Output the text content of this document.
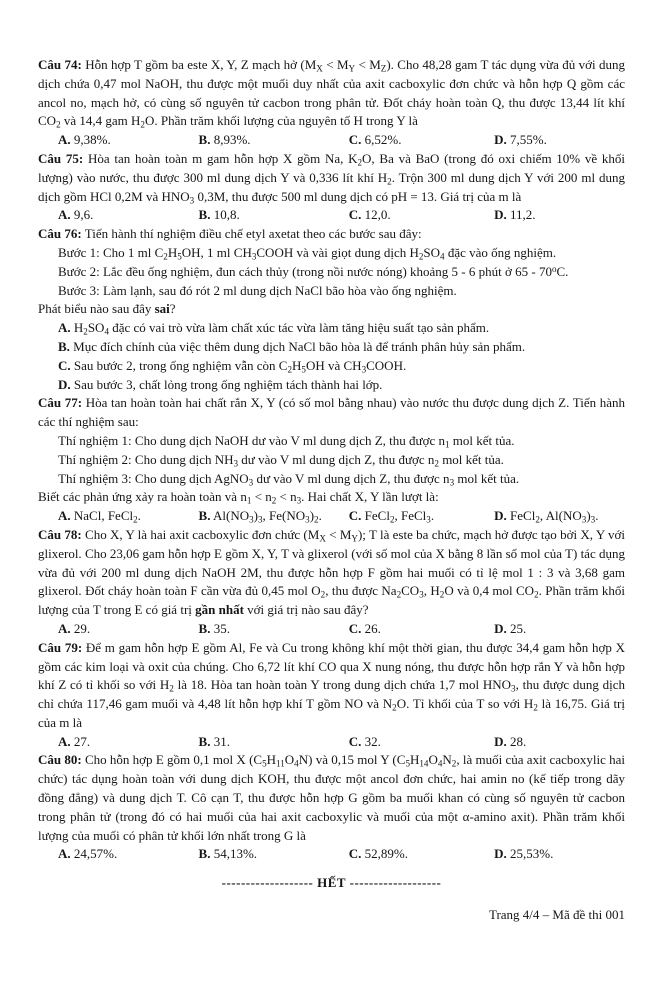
Câu 74: Hỗn hợp T gồm ba este X, Y, Z mạch hở $(M_X < M_Y < M_Z)$. Cho 48,28 gam T tác dụng vừa đủ với dung dịch chứa 0,47 mol NaOH, thu được một muối duy nhất của axit cacboxylic đơn chức và hỗn hợp Q gồm các ancol no, mạch hở, có cùng số nguyên tử cacbon trong phân tử. Đốt cháy hoàn toàn Q, thu được 13,44 lít khí $CO_2$ và 14,4 gam $H_2O$. Phần trăm khối lượng của nguyên tố H trong Y là
A. 9,38%.	B. 8,93%.	C. 6,52%.	D. 7,55%.
Câu 75: Hòa tan hoàn toàn m gam hỗn hợp X gồm Na, $K_2O$, Ba và BaO (trong đó oxi chiếm 10% về khối lượng) vào nước, thu được 300 ml dung dịch Y và 0,336 lít khí $H_2$. Trộn 300 ml dung dịch Y với 200 ml dung dịch gồm HCl 0,2M và $HNO_3$ 0,3M, thu được 500 ml dung dịch có pH = 13. Giá trị của m là
A. 9,6.	B. 10,8.	C. 12,0.	D. 11,2.
Câu 76: Tiến hành thí nghiệm điều chế etyl axetat theo các bước sau đây:
Bước 1: Cho 1 ml $C_2H_5OH$, 1 ml $CH_3COOH$ và vài giọt dung dịch $H_2SO_4$ đặc vào ống nghiệm.
Bước 2: Lắc đều ống nghiệm, đun cách thủy (trong nồi nước nóng) khoảng 5 - 6 phút ở 65 - 70$^o$C.
Bước 3: Làm lạnh, sau đó rót 2 ml dung dịch NaCl bão hòa vào ống nghiệm.
Phát biểu nào sau đây sai?
A. $H_2SO_4$ đặc có vai trò vừa làm chất xúc tác vừa làm tăng hiệu suất tạo sản phẩm.
B. Mục đích chính của việc thêm dung dịch NaCl bão hòa là để tránh phân hủy sản phẩm.
C. Sau bước 2, trong ống nghiệm vẫn còn $C_2H_5OH$ và $CH_3COOH$.
D. Sau bước 3, chất lỏng trong ống nghiệm tách thành hai lớp.
Câu 77: Hòa tan hoàn toàn hai chất rắn X, Y (có số mol bằng nhau) vào nước thu được dung dịch Z. Tiến hành các thí nghiệm sau:
Thí nghiệm 1: Cho dung dịch NaOH dư vào V ml dung dịch Z, thu được $n_1$ mol kết tủa.
Thí nghiệm 2: Cho dung dịch $NH_3$ dư vào V ml dung dịch Z, thu được $n_2$ mol kết tủa.
Thí nghiệm 3: Cho dung dịch AgNO$_3$ dư vào V ml dung dịch Z, thu được $n_3$ mol kết tủa.
Biết các phản ứng xảy ra hoàn toàn và $n_1 < n_2 < n_3$. Hai chất X, Y lần lượt là:
A. NaCl, FeCl$_2$.	B. $Al(NO_3)_3$, $Fe(NO_3)_2$.	C. FeCl$_2$, FeCl$_3$.	D. FeCl$_2$, $Al(NO_3)_3$.
Câu 78: Cho X, Y là hai axit cacboxylic đơn chức $(M_X < M_Y)$; T là este ba chức, mạch hở được tạo bởi X, Y với glixerol. Cho 23,06 gam hỗn hợp E gồm X, Y, T và glixerol (với số mol của X bằng 8 lần số mol của T) tác dụng vừa đủ với 200 ml dung dịch NaOH 2M, thu được hỗn hợp F gồm hai muối có tỉ lệ mol 1 : 3 và 3,68 gam glixerol. Đốt cháy hoàn toàn F cần vừa đủ 0,45 mol $O_2$, thu được $Na_2CO_3$, $H_2O$ và 0,4 mol $CO_2$. Phần trăm khối lượng của T trong E có giá trị gần nhất với giá trị nào sau đây?
A. 29.	B. 35.	C. 26.	D. 25.
Câu 79: Để m gam hỗn hợp E gồm Al, Fe và Cu trong không khí một thời gian, thu được 34,4 gam hỗn hợp X gồm các kim loại và oxit của chúng. Cho 6,72 lít khí CO qua X nung nóng, thu được hỗn hợp rắn Y và hỗn hợp khí Z có tỉ khối so với $H_2$ là 18. Hòa tan hoàn toàn Y trong dung dịch chứa 1,7 mol $HNO_3$, thu được dung dịch chỉ chứa 117,46 gam muối và 4,48 lít hỗn hợp khí T gồm NO và $N_2O$. Tỉ khối của T so với $H_2$ là 16,75. Giá trị của m là
A. 27.	B. 31.	C. 32.	D. 28.
Câu 80: Cho hỗn hợp E gồm 0,1 mol X $(C_5H_{11}O_4N)$ và 0,15 mol Y ($C_5H_{14}O_4N_2$, là muối của axit cacboxylic hai chức) tác dụng hoàn toàn với dung dịch KOH, thu được một ancol đơn chức, hai amin no (kế tiếp trong dãy đồng đẳng) và dung dịch T. Cô cạn T, thu được hỗn hợp G gồm ba muối khan có cùng số nguyên tử cacbon trong phân tử (trong đó có hai muối của hai axit cacboxylic và muối của một α-amino axit). Phần trăm khối lượng của muối có phân tử khối lớn nhất trong G là
A. 24,57%.	B. 54,13%.	C. 52,89%.	D. 25,53%.
------------------- HẾT -------------------
Trang 4/4 – Mã đề thi 001
